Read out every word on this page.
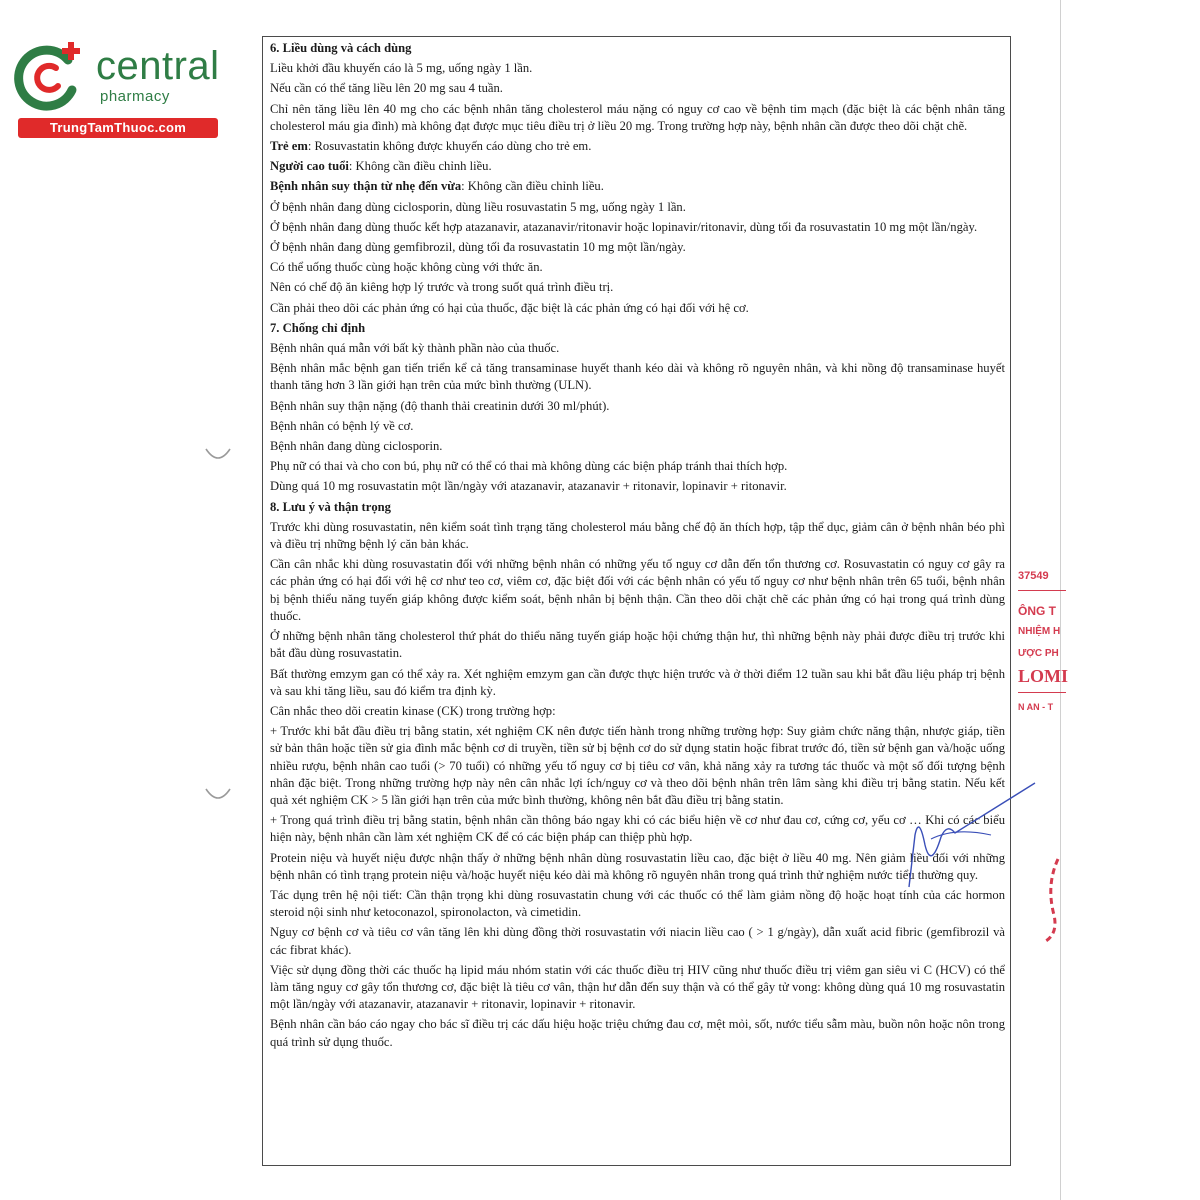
central
pharmacy
TrungTamThuoc.com

6. Liều dùng và cách dùng

Liều khởi đầu khuyến cáo là 5 mg, uống ngày 1 lần.

Nếu cần có thể tăng liều lên 20 mg sau 4 tuần.

Chỉ nên tăng liều lên 40 mg cho các bệnh nhân tăng cholesterol máu nặng có nguy cơ cao về bệnh tim mạch (đặc biệt là các bệnh nhân tăng cholesterol máu gia đình) mà không đạt được mục tiêu điều trị ở liều 20 mg. Trong trường hợp này, bệnh nhân cần được theo dõi chặt chẽ.

Trẻ em: Rosuvastatin không được khuyến cáo dùng cho trẻ em.

Người cao tuổi: Không cần điều chỉnh liều.

Bệnh nhân suy thận từ nhẹ đến vừa: Không cần điều chỉnh liều.

Ở bệnh nhân đang dùng ciclosporin, dùng liều rosuvastatin 5 mg, uống ngày 1 lần.

Ở bệnh nhân đang dùng thuốc kết hợp atazanavir, atazanavir/ritonavir hoặc lopinavir/ritonavir, dùng tối đa rosuvastatin 10 mg một lần/ngày.

Ở bệnh nhân đang dùng gemfibrozil, dùng tối đa rosuvastatin 10 mg một lần/ngày.

Có thể uống thuốc cùng hoặc không cùng với thức ăn.

Nên có chế độ ăn kiêng hợp lý trước và trong suốt quá trình điều trị.

Cần phải theo dõi các phản ứng có hại của thuốc, đặc biệt là các phản ứng có hại đối với hệ cơ.

7. Chống chỉ định

Bệnh nhân quá mẫn với bất kỳ thành phần nào của thuốc.

Bệnh nhân mắc bệnh gan tiến triển kể cả tăng transaminase huyết thanh kéo dài và không rõ nguyên nhân, và khi nồng độ transaminase huyết thanh tăng hơn 3 lần giới hạn trên của mức bình thường (ULN).

Bệnh nhân suy thận nặng (độ thanh thải creatinin dưới 30 ml/phút).

Bệnh nhân có bệnh lý về cơ.

Bệnh nhân đang dùng ciclosporin.

Phụ nữ có thai và cho con bú, phụ nữ có thể có thai mà không dùng các biện pháp tránh thai thích hợp.

Dùng quá 10 mg rosuvastatin một lần/ngày với atazanavir, atazanavir + ritonavir, lopinavir + ritonavir.

8. Lưu ý và thận trọng

Trước khi dùng rosuvastatin, nên kiểm soát tình trạng tăng cholesterol máu bằng chế độ ăn thích hợp, tập thể dục, giảm cân ở bệnh nhân béo phì và điều trị những bệnh lý căn bản khác.

Cần cân nhắc khi dùng rosuvastatin đối với những bệnh nhân có những yếu tố nguy cơ dẫn đến tổn thương cơ. Rosuvastatin có nguy cơ gây ra các phản ứng có hại đối với hệ cơ như teo cơ, viêm cơ, đặc biệt đối với các bệnh nhân có yếu tố nguy cơ như bệnh nhân trên 65 tuổi, bệnh nhân bị bệnh thiểu năng tuyến giáp không được kiểm soát, bệnh nhân bị bệnh thận. Cần theo dõi chặt chẽ các phản ứng có hại trong quá trình dùng thuốc.

Ở những bệnh nhân tăng cholesterol thứ phát do thiểu năng tuyến giáp hoặc hội chứng thận hư, thì những bệnh này phải được điều trị trước khi bắt đầu dùng rosuvastatin.

Bất thường emzym gan có thể xảy ra. Xét nghiệm emzym gan cần được thực hiện trước và ở thời điểm 12 tuần sau khi bắt đầu liệu pháp trị bệnh và sau khi tăng liều, sau đó kiểm tra định kỳ.

Cân nhắc theo dõi creatin kinase (CK) trong trường hợp:

+ Trước khi bắt đầu điều trị bằng statin, xét nghiệm CK nên được tiến hành trong những trường hợp: Suy giảm chức năng thận, nhược giáp, tiền sử bản thân hoặc tiền sử gia đình mắc bệnh cơ di truyền, tiền sử bị bệnh cơ do sử dụng statin hoặc fibrat trước đó, tiền sử bệnh gan và/hoặc uống nhiều rượu, bệnh nhân cao tuổi (> 70 tuổi) có những yếu tố nguy cơ bị tiêu cơ vân, khả năng xảy ra tương tác thuốc và một số đối tượng bệnh nhân đặc biệt. Trong những trường hợp này nên cân nhắc lợi ích/nguy cơ và theo dõi bệnh nhân trên lâm sàng khi điều trị bằng statin. Nếu kết quả xét nghiệm CK > 5 lần giới hạn trên của mức bình thường, không nên bắt đầu điều trị bằng statin.

+ Trong quá trình điều trị bằng statin, bệnh nhân cần thông báo ngay khi có các biểu hiện về cơ như đau cơ, cứng cơ, yếu cơ … Khi có các biểu hiện này, bệnh nhân cần làm xét nghiệm CK để có các biện pháp can thiệp phù hợp.

Protein niệu và huyết niệu được nhận thấy ở những bệnh nhân dùng rosuvastatin liều cao, đặc biệt ở liều 40 mg. Nên giảm liều đối với những bệnh nhân có tình trạng protein niệu và/hoặc huyết niệu kéo dài mà không rõ nguyên nhân trong quá trình thử nghiệm nước tiểu thường quy.

Tác dụng trên hệ nội tiết: Cần thận trọng khi dùng rosuvastatin chung với các thuốc có thể làm giảm nồng độ hoặc hoạt tính của các hormon steroid nội sinh như ketoconazol, spironolacton, và cimetidin.

Nguy cơ bệnh cơ và tiêu cơ vân tăng lên khi dùng đồng thời rosuvastatin với niacin liều cao ( > 1 g/ngày), dẫn xuất acid fibric (gemfibrozil và các fibrat khác).

Việc sử dụng đồng thời các thuốc hạ lipid máu nhóm statin với các thuốc điều trị HIV cũng như thuốc điều trị viêm gan siêu vi C (HCV) có thể làm tăng nguy cơ gây tổn thương cơ, đặc biệt là tiêu cơ vân, thận hư dẫn đến suy thận và có thể gây tử vong: không dùng quá 10 mg rosuvastatin một lần/ngày với atazanavir, atazanavir + ritonavir, lopinavir + ritonavir.

Bệnh nhân cần báo cáo ngay cho bác sĩ điều trị các dấu hiệu hoặc triệu chứng đau cơ, mệt mỏi, sốt, nước tiểu sẫm màu, buồn nôn hoặc nôn trong quá trình sử dụng thuốc.

37549
ÔNG T
NHIỆM H
ƯỢC PH
LOMI
N AN - T
